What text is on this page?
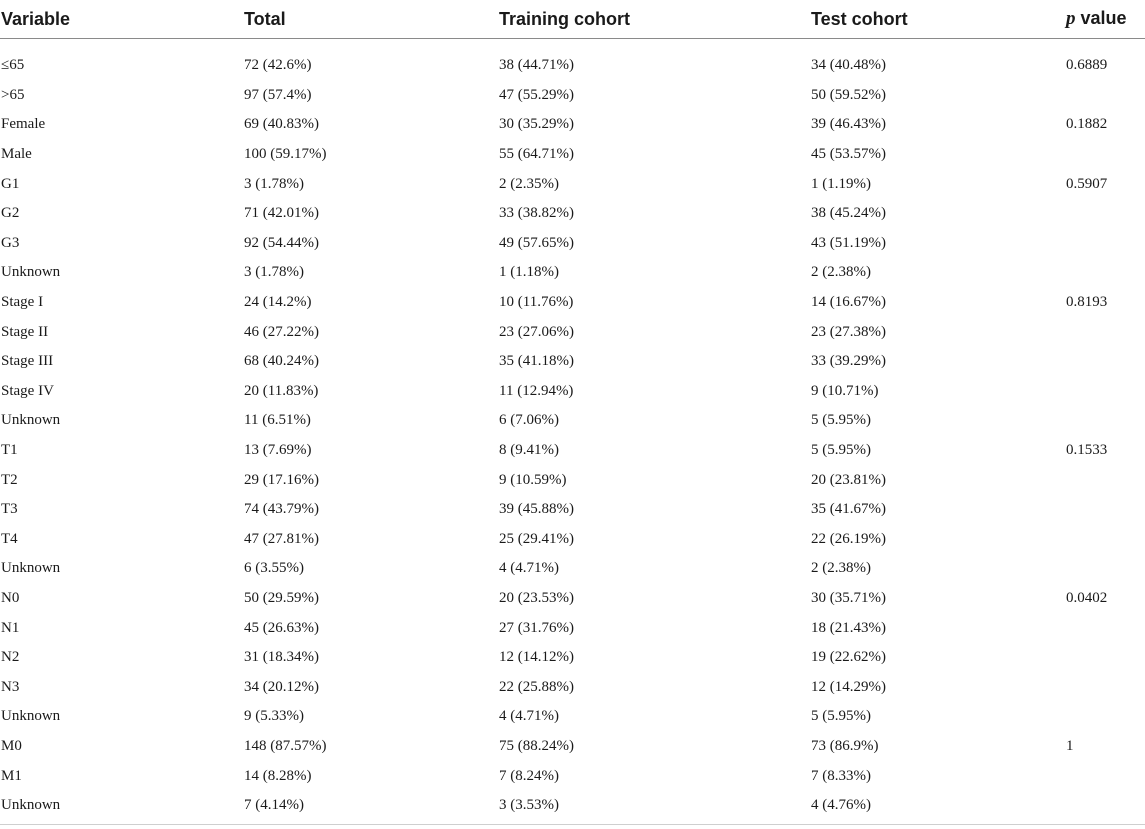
Variable	Total	Training cohort	Test cohort	p value
≤65	72 (42.6%)	38 (44.71%)	34 (40.48%)	0.6889
>65	97 (57.4%)	47 (55.29%)	50 (59.52%)	
Female	69 (40.83%)	30 (35.29%)	39 (46.43%)	0.1882
Male	100 (59.17%)	55 (64.71%)	45 (53.57%)	
G1	3 (1.78%)	2 (2.35%)	1 (1.19%)	0.5907
G2	71 (42.01%)	33 (38.82%)	38 (45.24%)	
G3	92 (54.44%)	49 (57.65%)	43 (51.19%)	
Unknown	3 (1.78%)	1 (1.18%)	2 (2.38%)	
Stage I	24 (14.2%)	10 (11.76%)	14 (16.67%)	0.8193
Stage II	46 (27.22%)	23 (27.06%)	23 (27.38%)	
Stage III	68 (40.24%)	35 (41.18%)	33 (39.29%)	
Stage IV	20 (11.83%)	11 (12.94%)	9 (10.71%)	
Unknown	11 (6.51%)	6 (7.06%)	5 (5.95%)	
T1	13 (7.69%)	8 (9.41%)	5 (5.95%)	0.1533
T2	29 (17.16%)	9 (10.59%)	20 (23.81%)	
T3	74 (43.79%)	39 (45.88%)	35 (41.67%)	
T4	47 (27.81%)	25 (29.41%)	22 (26.19%)	
Unknown	6 (3.55%)	4 (4.71%)	2 (2.38%)	
N0	50 (29.59%)	20 (23.53%)	30 (35.71%)	0.0402
N1	45 (26.63%)	27 (31.76%)	18 (21.43%)	
N2	31 (18.34%)	12 (14.12%)	19 (22.62%)	
N3	34 (20.12%)	22 (25.88%)	12 (14.29%)	
Unknown	9 (5.33%)	4 (4.71%)	5 (5.95%)	
M0	148 (87.57%)	75 (88.24%)	73 (86.9%)	1
M1	14 (8.28%)	7 (8.24%)	7 (8.33%)	
Unknown	7 (4.14%)	3 (3.53%)	4 (4.76%)	
